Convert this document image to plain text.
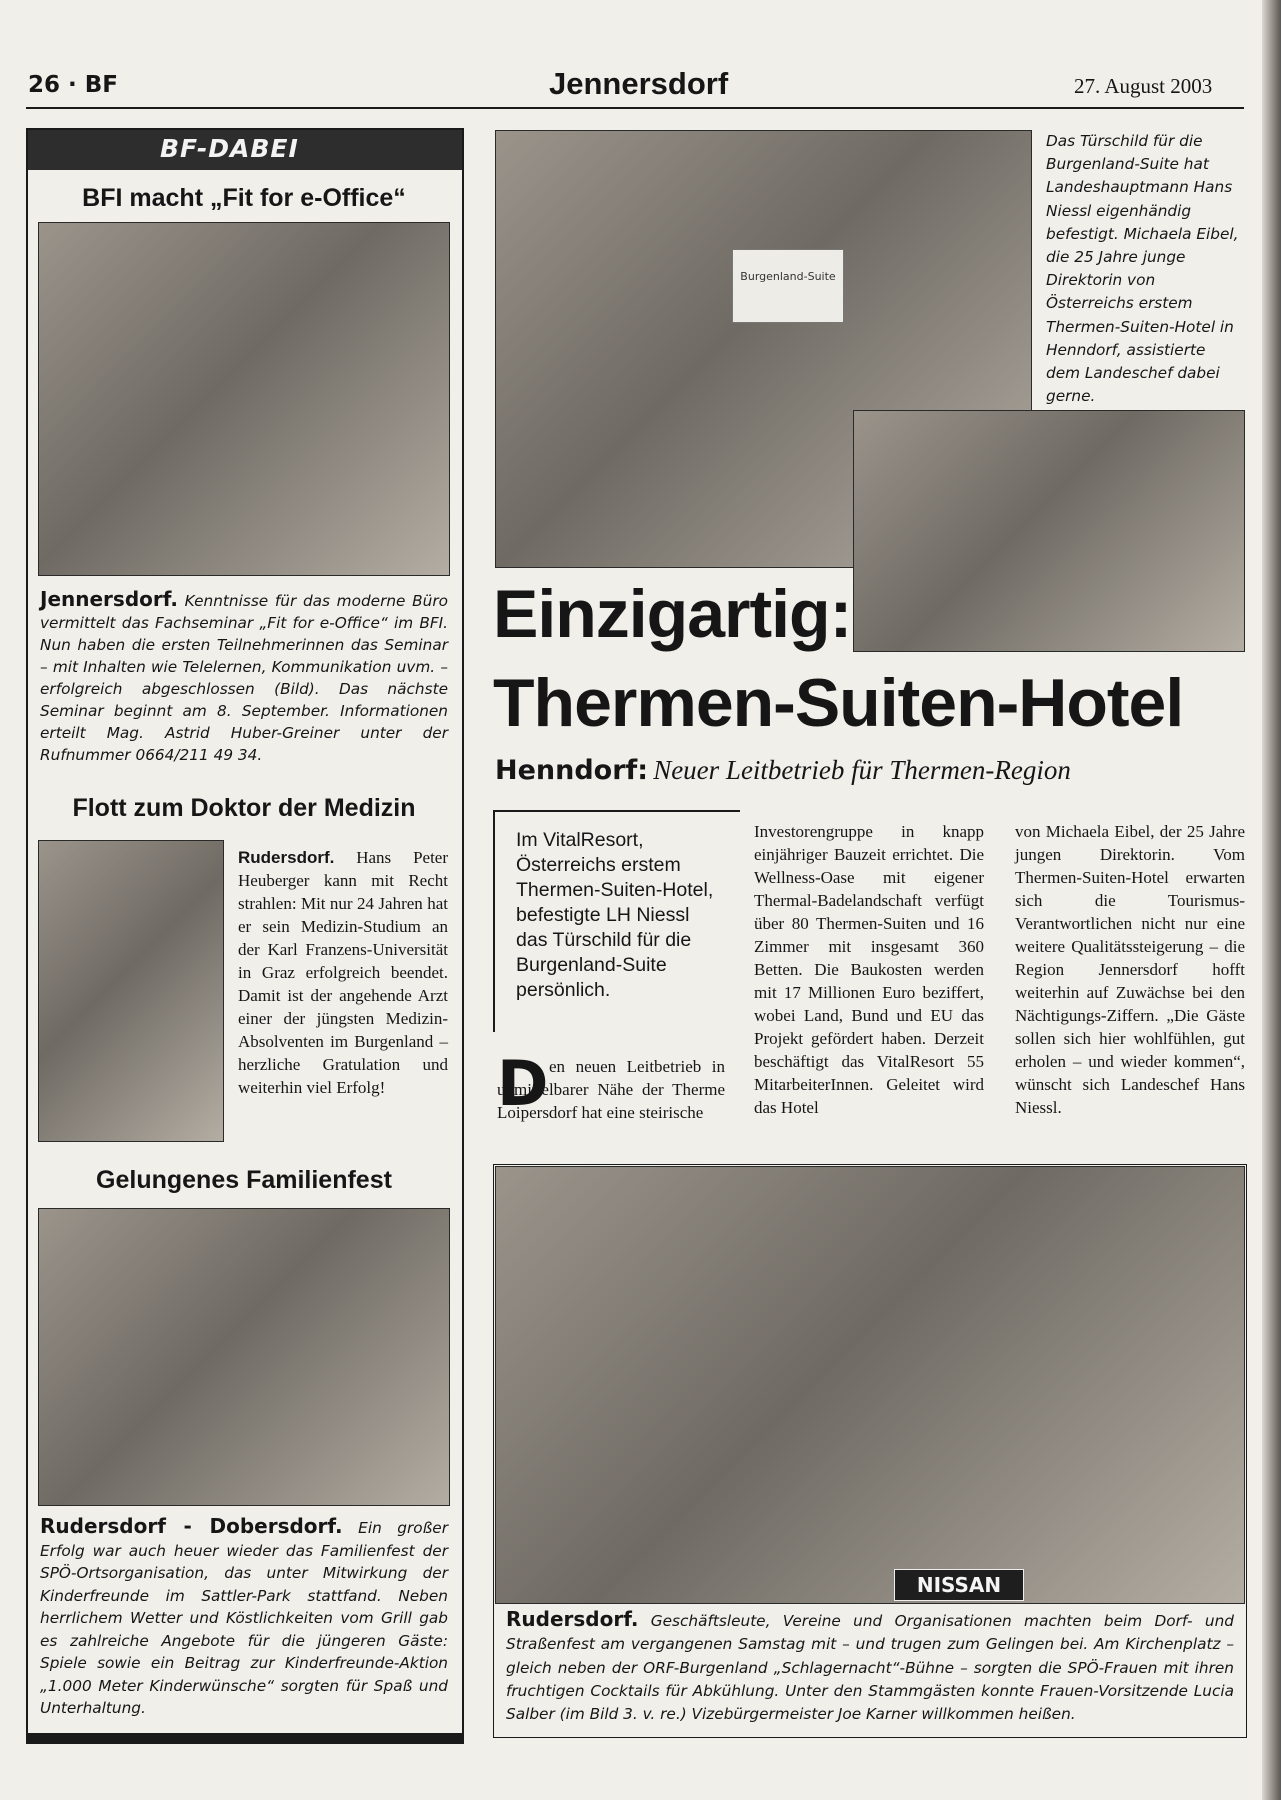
26 · BF	Jennersdorf	27. August 2003
BF-DABEI
BFI macht „Fit for e-Office“
Jennersdorf. Kenntnisse für das moderne Büro vermittelt das Fachseminar „Fit for e-Office“ im BFI. Nun haben die ersten Teilnehmerinnen das Seminar – mit Inhalten wie Telelernen, Kommunikation uvm. – erfolgreich abgeschlossen (Bild). Das nächste Seminar beginnt am 8. September. Informationen erteilt Mag. Astrid Huber-Greiner unter der Rufnummer 0664/211 49 34.
Flott zum Doktor der Medizin
Rudersdorf. Hans Peter Heuberger kann mit Recht strahlen: Mit nur 24 Jahren hat er sein Medizin-Studium an der Karl Franzens-Universität in Graz erfolgreich beendet. Damit ist der angehende Arzt einer der jüngsten Medizin-Absolventen im Burgenland – herzliche Gratulation und weiterhin viel Erfolg!
Gelungenes Familienfest
Rudersdorf - Dobersdorf. Ein großer Erfolg war auch heuer wieder das Familienfest der SPÖ-Ortsorganisation, das unter Mitwirkung der Kinderfreunde im Sattler-Park stattfand. Neben herrlichem Wetter und Köstlichkeiten vom Grill gab es zahlreiche Angebote für die jüngeren Gäste: Spiele sowie ein Beitrag zur Kinderfreunde-Aktion „1.000 Meter Kinderwünsche“ sorgten für Spaß und Unterhaltung.
Burgenland-Suite
Das Türschild für die Burgenland-Suite hat Landeshauptmann Hans Niessl eigenhändig befestigt. Michaela Eibel, die 25 Jahre junge Direktorin von Österreichs erstem Thermen-Suiten-Hotel in Henndorf, assistierte dem Landeschef dabei gerne.
Einzigartig:
Thermen-Suiten-Hotel
Henndorf: Neuer Leitbetrieb für Thermen-Region
Im VitalResort, Österreichs erstem Thermen-Suiten-Hotel, befestigte LH Niessl das Türschild für die Burgenland-Suite persönlich.
D en neuen Leitbetrieb in unmittelbarer Nähe der Therme Loipersdorf hat eine steirische
Investorengruppe in knapp einjähriger Bauzeit errichtet. Die Wellness-Oase mit eigener Thermal-Badelandschaft verfügt über 80 Thermen-Suiten und 16 Zimmer mit insgesamt 360 Betten. Die Baukosten werden mit 17 Millionen Euro beziffert, wobei Land, Bund und EU das Projekt gefördert haben. Derzeit beschäftigt das VitalResort 55 MitarbeiterInnen. Geleitet wird das Hotel
von Michaela Eibel, der 25 Jahre jungen Direktorin. Vom Thermen-Suiten-Hotel erwarten sich die Tourismus-Verantwortlichen nicht nur eine weitere Qualitätssteigerung – die Region Jennersdorf hofft weiterhin auf Zuwächse bei den Nächtigungs-Ziffern. „Die Gäste sollen sich hier wohlfühlen, gut erholen – und wieder kommen“, wünscht sich Landeschef Hans Niessl.
NISSAN
Rudersdorf. Geschäftsleute, Vereine und Organisationen machten beim Dorf- und Straßenfest am vergangenen Samstag mit – und trugen zum Gelingen bei. Am Kirchenplatz – gleich neben der ORF-Burgenland „Schlagernacht“-Bühne – sorgten die SPÖ-Frauen mit ihren fruchtigen Cocktails für Abkühlung. Unter den Stammgästen konnte Frauen-Vorsitzende Lucia Salber (im Bild 3. v. re.) Vizebürgermeister Joe Karner willkommen heißen.
